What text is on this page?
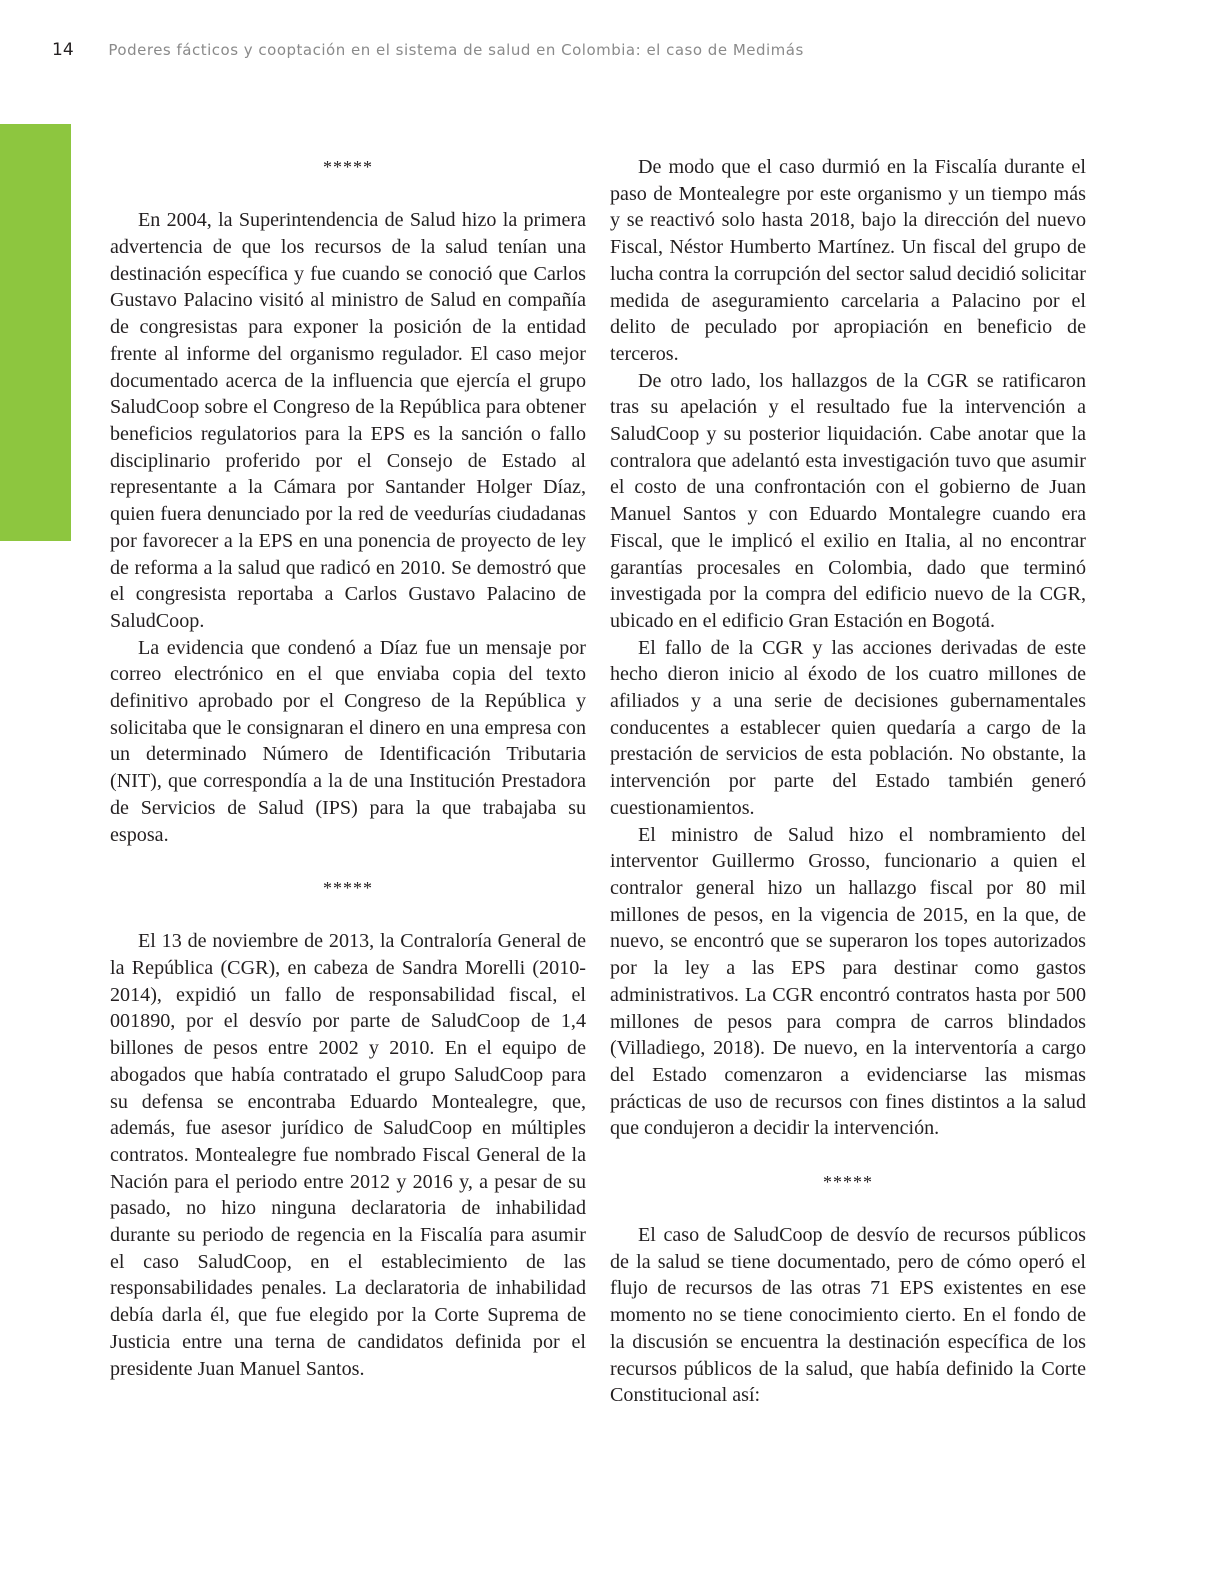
14 Poderes fácticos y cooptación en el sistema de salud en Colombia: el caso de Medimás
*****

En 2004, la Superintendencia de Salud hizo la primera advertencia de que los recursos de la salud tenían una destinación específica y fue cuando se conoció que Carlos Gustavo Palacino visitó al ministro de Salud en compañía de congresistas para exponer la posición de la entidad frente al informe del organismo regulador. El caso mejor documentado acerca de la influencia que ejercía el grupo SaludCoop sobre el Congreso de la República para obtener beneficios regulatorios para la EPS es la sanción o fallo disciplinario proferido por el Consejo de Estado al representante a la Cámara por Santander Holger Díaz, quien fuera denunciado por la red de veedurías ciudadanas por favorecer a la EPS en una ponencia de proyecto de ley de reforma a la salud que radicó en 2010. Se demostró que el congresista reportaba a Carlos Gustavo Palacino de SaludCoop.

La evidencia que condenó a Díaz fue un mensaje por correo electrónico en el que enviaba copia del texto definitivo aprobado por el Congreso de la República y solicitaba que le consignaran el dinero en una empresa con un determinado Número de Identificación Tributaria (NIT), que correspondía a la de una Institución Prestadora de Servicios de Salud (IPS) para la que trabajaba su esposa.

*****

El 13 de noviembre de 2013, la Contraloría General de la República (CGR), en cabeza de Sandra Morelli (2010-2014), expidió un fallo de responsabilidad fiscal, el 001890, por el desvío por parte de SaludCoop de 1,4 billones de pesos entre 2002 y 2010. En el equipo de abogados que había contratado el grupo SaludCoop para su defensa se encontraba Eduardo Montealegre, que, además, fue asesor jurídico de SaludCoop en múltiples contratos. Montealegre fue nombrado Fiscal General de la Nación para el periodo entre 2012 y 2016 y, a pesar de su pasado, no hizo ninguna declaratoria de inhabilidad durante su periodo de regencia en la Fiscalía para asumir el caso SaludCoop, en el establecimiento de las responsabilidades penales. La declaratoria de inhabilidad debía darla él, que fue elegido por la Corte Suprema de Justicia entre una terna de candidatos definida por el presidente Juan Manuel Santos.

De modo que el caso durmió en la Fiscalía durante el paso de Montealegre por este organismo y un tiempo más y se reactivó solo hasta 2018, bajo la dirección del nuevo Fiscal, Néstor Humberto Martínez. Un fiscal del grupo de lucha contra la corrupción del sector salud decidió solicitar medida de aseguramiento carcelaria a Palacino por el delito de peculado por apropiación en beneficio de terceros.

De otro lado, los hallazgos de la CGR se ratificaron tras su apelación y el resultado fue la intervención a SaludCoop y su posterior liquidación. Cabe anotar que la contralora que adelantó esta investigación tuvo que asumir el costo de una confrontación con el gobierno de Juan Manuel Santos y con Eduardo Montalegre cuando era Fiscal, que le implicó el exilio en Italia, al no encontrar garantías procesales en Colombia, dado que terminó investigada por la compra del edificio nuevo de la CGR, ubicado en el edificio Gran Estación en Bogotá.

El fallo de la CGR y las acciones derivadas de este hecho dieron inicio al éxodo de los cuatro millones de afiliados y a una serie de decisiones gubernamentales conducentes a establecer quien quedaría a cargo de la prestación de servicios de esta población. No obstante, la intervención por parte del Estado también generó cuestionamientos.

El ministro de Salud hizo el nombramiento del interventor Guillermo Grosso, funcionario a quien el contralor general hizo un hallazgo fiscal por 80 mil millones de pesos, en la vigencia de 2015, en la que, de nuevo, se encontró que se superaron los topes autorizados por la ley a las EPS para destinar como gastos administrativos. La CGR encontró contratos hasta por 500 millones de pesos para compra de carros blindados (Villadiego, 2018). De nuevo, en la interventoría a cargo del Estado comenzaron a evidenciarse las mismas prácticas de uso de recursos con fines distintos a la salud que condujeron a decidir la intervención.

*****

El caso de SaludCoop de desvío de recursos públicos de la salud se tiene documentado, pero de cómo operó el flujo de recursos de las otras 71 EPS existentes en ese momento no se tiene conocimiento cierto. En el fondo de la discusión se encuentra la destinación específica de los recursos públicos de la salud, que había definido la Corte Constitucional así:
